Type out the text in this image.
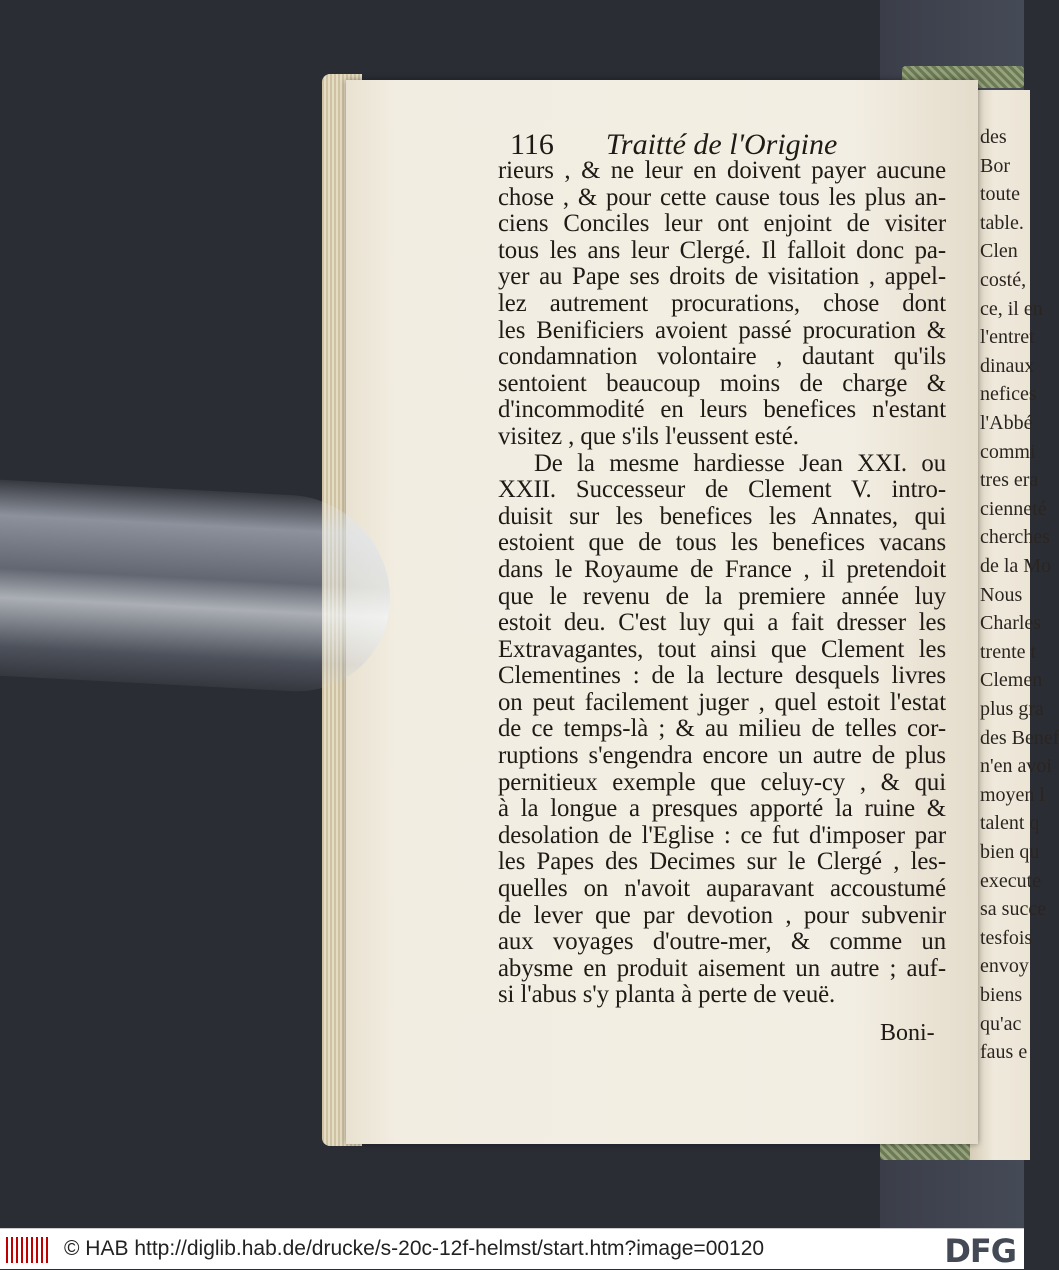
des
Bor
toute
table.
Clen
costé,
ce, il en
l'entret
dinaux
nefices
l'Abbé
commi
tres era
cienneté
cherches
de la Mo
Nous
Charles
trente t
Clemen
plus gra
des Benef
n'en avoi
moyen l
talent q
bien qu
execute
sa succe
tesfois
envoy
biens
qu'ac
faus e
116 Traitté de l'Origine
rieurs , & ne leur en doivent payer aucune
chose , & pour cette cause tous les plus an-
ciens Conciles leur ont enjoint de visiter
tous les ans leur Clergé. Il falloit donc pa-
yer au Pape ses droits de visitation , appel-
lez autrement procurations, chose dont
les Benificiers avoient passé procuration &
condamnation volontaire , dautant qu'ils
sentoient beaucoup moins de charge &
d'incommodité en leurs benefices n'estant
visitez , que s'ils l'eussent esté.
De la mesme hardiesse Jean XXI. ou
XXII. Successeur de Clement V. intro-
duisit sur les benefices les Annates, qui
estoient que de tous les benefices vacans
dans le Royaume de France , il pretendoit
que le revenu de la premiere année luy
estoit deu. C'est luy qui a fait dresser les
Extravagantes, tout ainsi que Clement les
Clementines : de la lecture desquels livres
on peut facilement juger , quel estoit l'estat
de ce temps-là ; & au milieu de telles cor-
ruptions s'engendra encore un autre de plus
pernitieux exemple que celuy-cy , & qui
à la longue a presques apporté la ruine &
desolation de l'Eglise : ce fut d'imposer par
les Papes des Decimes sur le Clergé , les-
quelles on n'avoit auparavant accoustumé
de lever que par devotion , pour subvenir
aux voyages d'outre-mer, & comme un
abysme en produit aisement un autre ; auf-
si l'abus s'y planta à perte de veuë.
Boni-
© HAB http://diglib.hab.de/drucke/s-20c-12f-helmst/start.htm?image=00120	DFG
